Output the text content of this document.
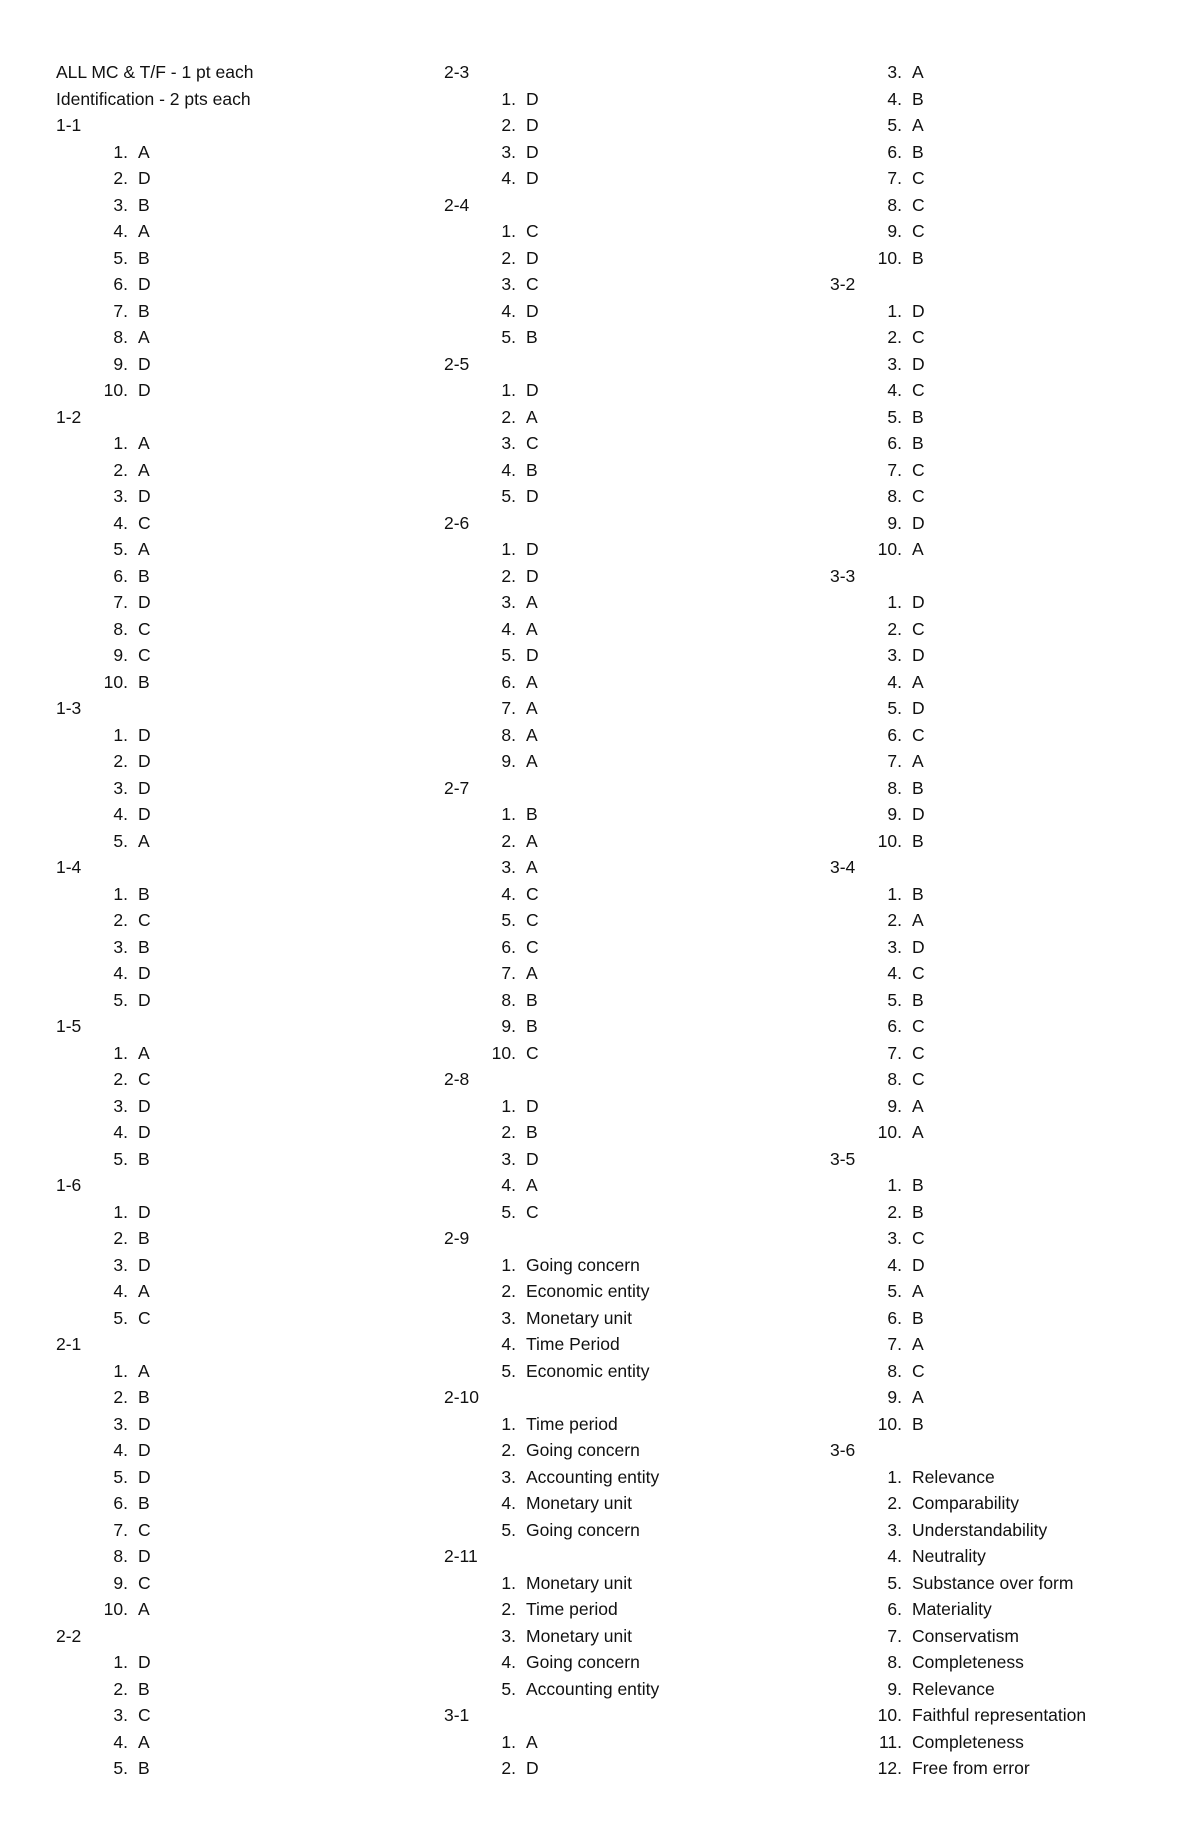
ALL MC & T/F - 1 pt each
Identification - 2 pts each
1-1
1. A
2. D
3. B
4. A
5. B
6. D
7. B
8. A
9. D
10. D
1-2
1. A
2. A
3. D
4. C
5. A
6. B
7. D
8. C
9. C
10. B
1-3
1. D
2. D
3. D
4. D
5. A
1-4
1. B
2. C
3. B
4. D
5. D
1-5
1. A
2. C
3. D
4. D
5. B
1-6
1. D
2. B
3. D
4. A
5. C
2-1
1. A
2. B
3. D
4. D
5. D
6. B
7. C
8. D
9. C
10. A
2-2
1. D
2. B
3. C
4. A
5. B
2-3
1. D
2. D
3. D
4. D
2-4
1. C
2. D
3. C
4. D
5. B
2-5
1. D
2. A
3. C
4. B
5. D
2-6
1. D
2. D
3. A
4. A
5. D
6. A
7. A
8. A
9. A
2-7
1. B
2. A
3. A
4. C
5. C
6. C
7. A
8. B
9. B
10. C
2-8
1. D
2. B
3. D
4. A
5. C
2-9
1. Going concern
2. Economic entity
3. Monetary unit
4. Time Period
5. Economic entity
2-10
1. Time period
2. Going concern
3. Accounting entity
4. Monetary unit
5. Going concern
2-11
1. Monetary unit
2. Time period
3. Monetary unit
4. Going concern
5. Accounting entity
3-1
1. A
2. D
3. A
4. B
5. A
6. B
7. C
8. C
9. C
10. B
3-2
1. D
2. C
3. D
4. C
5. B
6. B
7. C
8. C
9. D
10. A
3-3
1. D
2. C
3. D
4. A
5. D
6. C
7. A
8. B
9. D
10. B
3-4
1. B
2. A
3. D
4. C
5. B
6. C
7. C
8. C
9. A
10. A
3-5
1. B
2. B
3. C
4. D
5. A
6. B
7. A
8. C
9. A
10. B
3-6
1. Relevance
2. Comparability
3. Understandability
4. Neutrality
5. Substance over form
6. Materiality
7. Conservatism
8. Completeness
9. Relevance
10. Faithful representation
11. Completeness
12. Free from error
